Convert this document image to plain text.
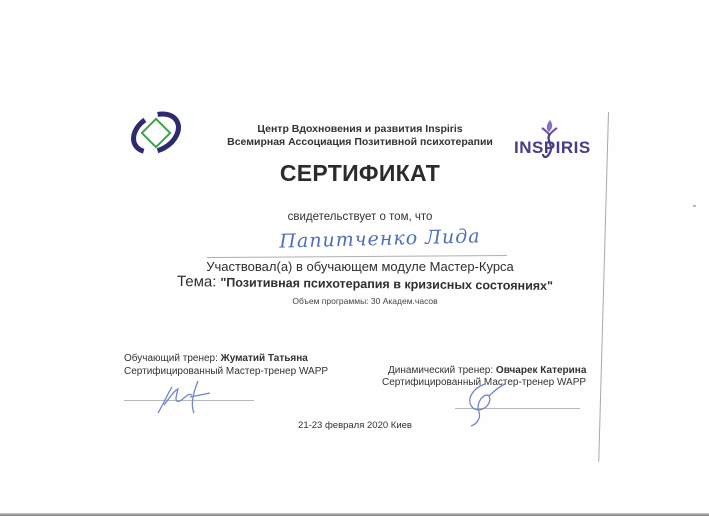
INSPIRIS
Центр Вдохновения и развития Inspiris
Всемирная Ассоциация Позитивной психотерапии
СЕРТИФИКАТ
свидетельствует о том, что
Папитченко Лида
Участвовал(а) в обучающем модуле Мастер-Курса
Тема: "Позитивная психотерапия в кризисных состояниях"
Объем программы: 30 Академ.часов
Обучающий тренер: Жуматий Татьяна
Сертифицированный Мастер-тренер WAPP	Динамический тренер: Овчарек Катерина
Сертифицированный Мастер-тренер WAPP
21-23 февраля 2020 Киев
